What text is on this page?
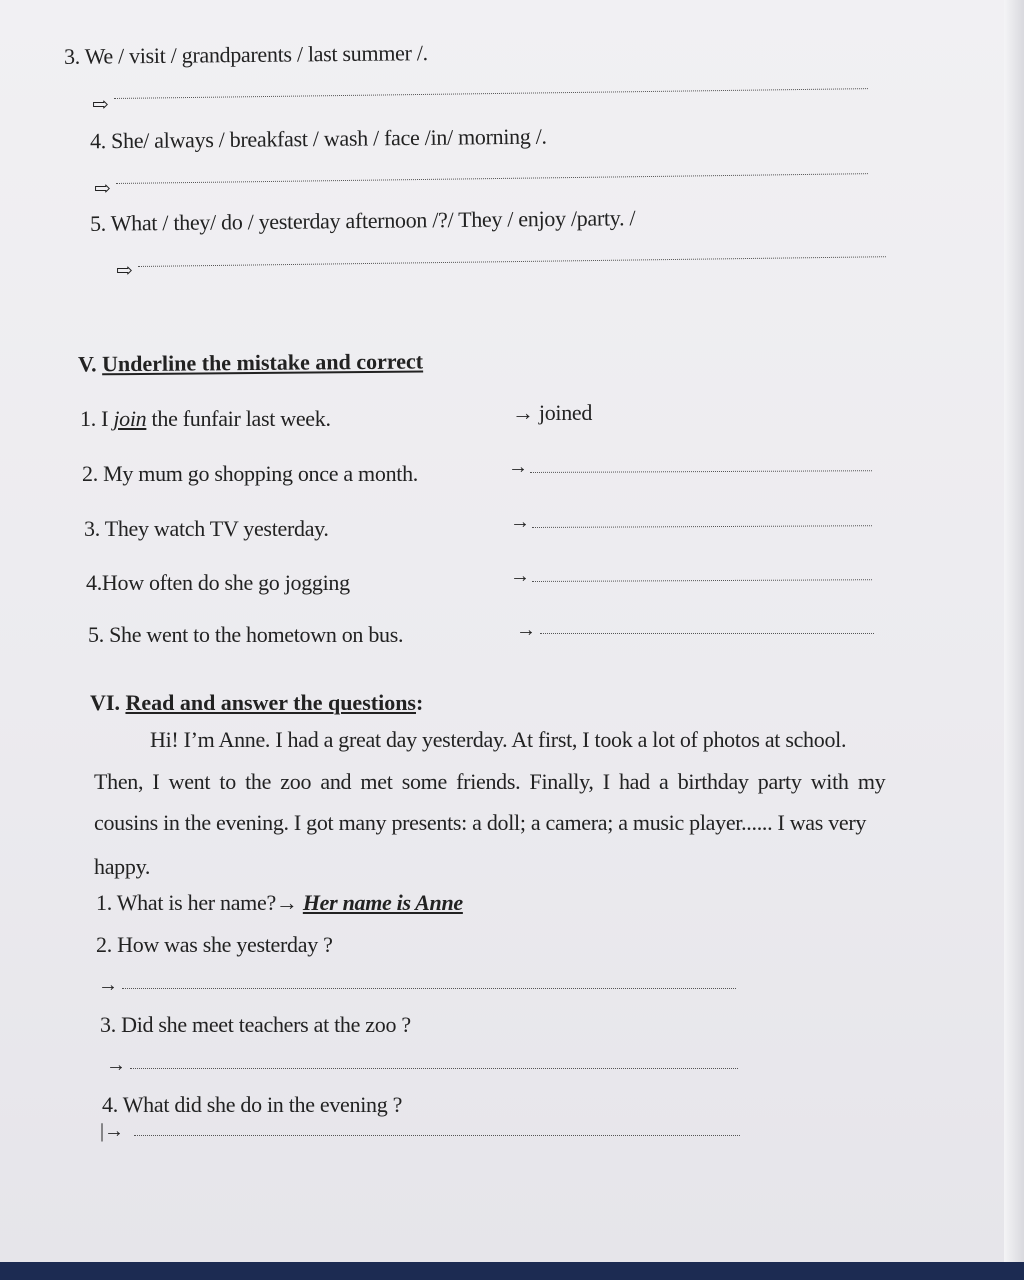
3. We / visit / grandparents / last summer /.
⇨
4. She/ always / breakfast / wash / face /in/ morning /.
⇨
5. What / they/ do / yesterday afternoon /?/ They / enjoy /party. /
⇨
V. Underline the mistake and correct
1. I join the funfair last week.	→ joined
2. My mum go shopping once a month.	→
3. They watch TV yesterday.	→
4.How often do she go jogging	→
5. She went to the hometown on bus.	→
VI. Read and answer the questions:
Hi! I’m Anne. I had a great day yesterday. At first, I took a lot of photos at school.
Then, I went to the zoo and met some friends. Finally, I had a birthday party with my
cousins in the evening. I got many presents: a doll; a camera; a music player...... I was very
happy.
1. What is her name?→ Her name is Anne
2. How was she yesterday ?
→
3. Did she meet teachers at the zoo ?
→
4. What did she do in the evening ?
|→
